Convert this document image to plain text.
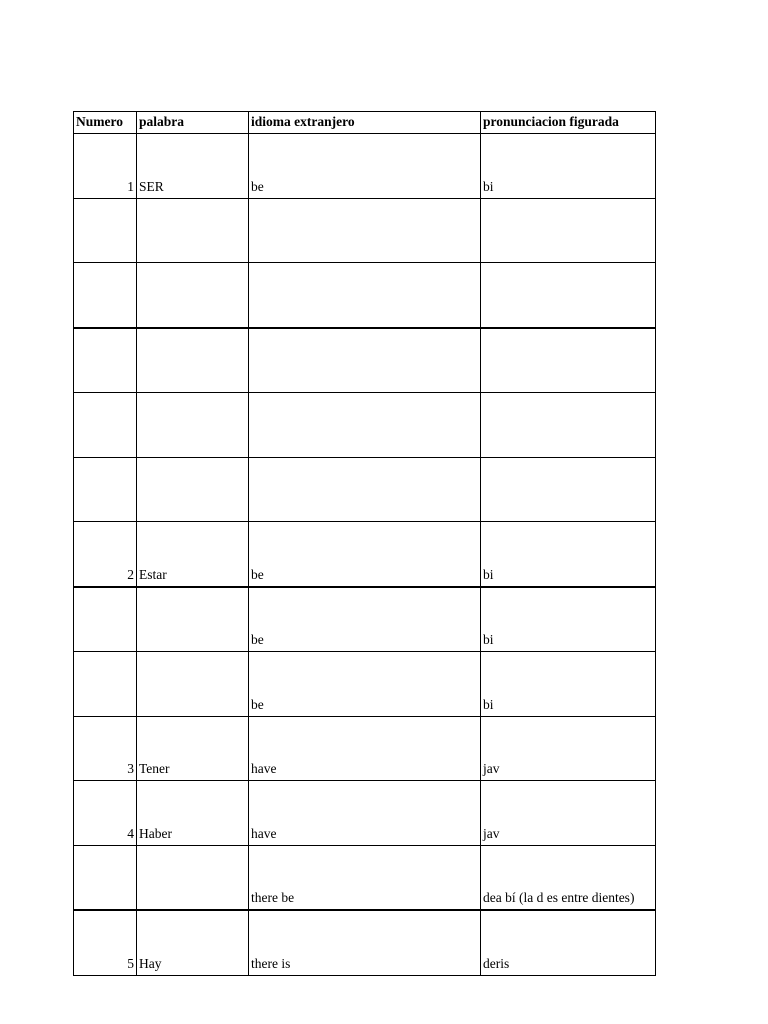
Numero	palabra	idioma extranjero	pronunciacion figurada
1	SER	be	bi

2	Estar	be	bi
		be	bi
		be	bi
3	Tener	have	jav
4	Haber	have	jav
		there be	dea bí (la d es entre dientes)
5	Hay	there is	deris
